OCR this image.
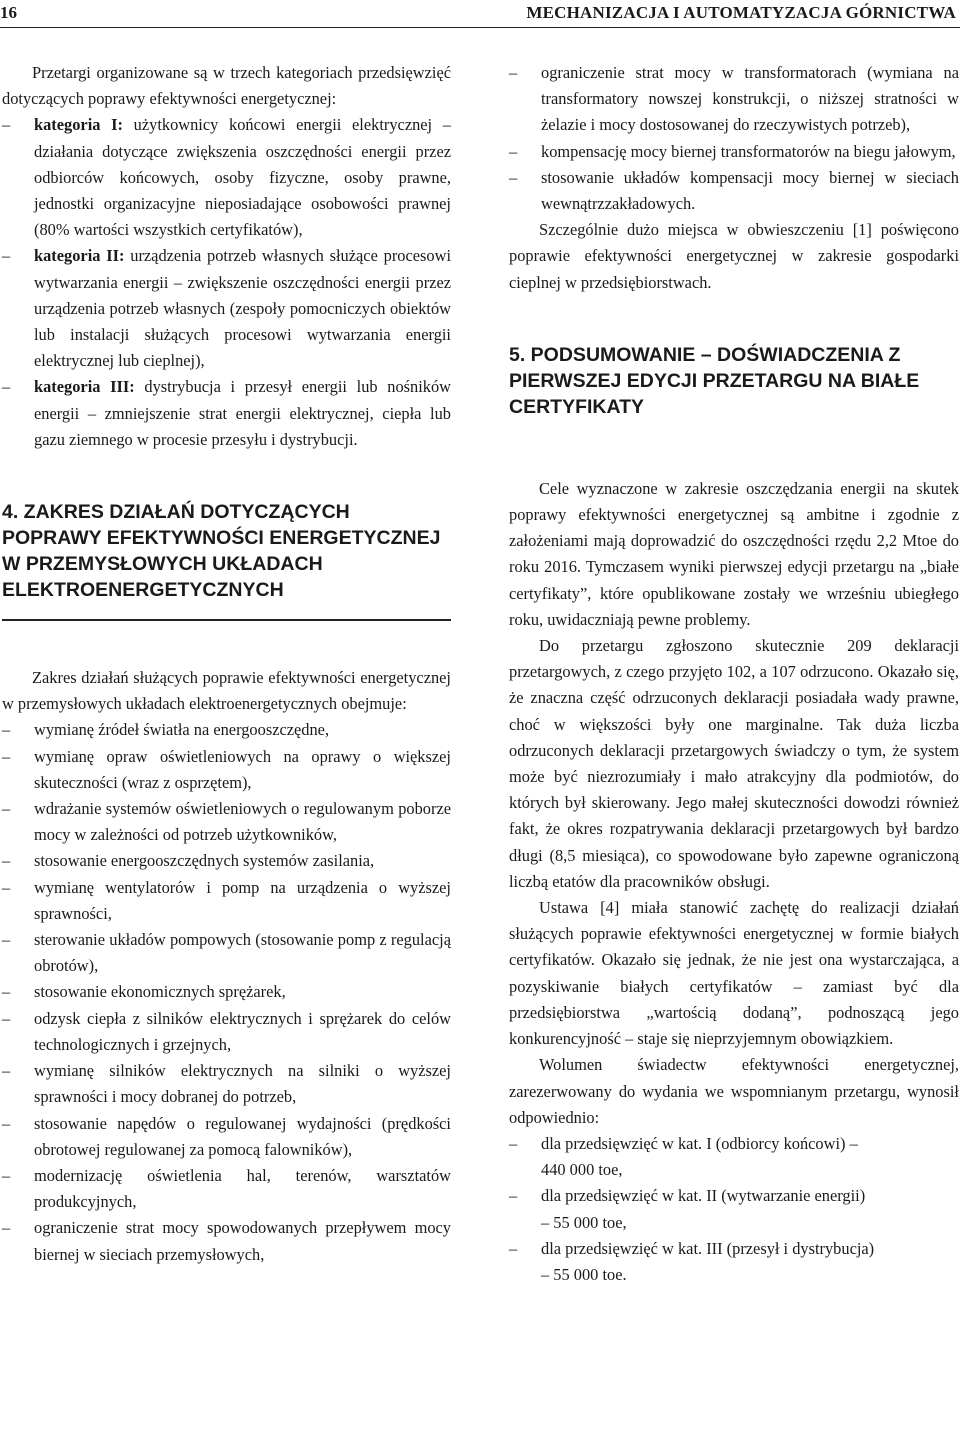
16	MECHANIZACJA I AUTOMATYZACJA GÓRNICTWA

Przetargi organizowane są w trzech kategoriach przedsięwzięć dotyczących poprawy efektywności energetycznej:

– kategoria I: użytkownicy końcowi energii elektrycznej – działania dotyczące zwiększenia oszczędności energii przez odbiorców końcowych, osoby fizyczne, osoby prawne, jednostki organizacyjne nieposiadające osobowości prawnej (80% wartości wszystkich certyfikatów),
– kategoria II: urządzenia potrzeb własnych służące procesowi wytwarzania energii – zwiększenie oszczędności energii przez urządzenia potrzeb własnych (zespoły pomocniczych obiektów lub instalacji służących procesowi wytwarzania energii elektrycznej lub cieplnej),
– kategoria III: dystrybucja i przesył energii lub nośników energii – zmniejszenie strat energii elektrycznej, ciepła lub gazu ziemnego w procesie przesyłu i dystrybucji.
4. ZAKRES DZIAŁAŃ DOTYCZĄCYCH POPRAWY EFEKTYWNOŚCI ENERGETYCZNEJ W PRZEMYSŁOWYCH UKŁADACH ELEKTROENERGETYCZNYCH

Zakres działań służących poprawie efektywności energetycznej w przemysłowych układach elektroenergetycznych obejmuje:

– wymianę źródeł światła na energooszczędne,
– wymianę opraw oświetleniowych na oprawy o większej skuteczności (wraz z osprzętem),
– wdrażanie systemów oświetleniowych o regulowanym poborze mocy w zależności od potrzeb użytkowników,
– stosowanie energooszczędnych systemów zasilania,
– wymianę wentylatorów i pomp na urządzenia o wyższej sprawności,
– sterowanie układów pompowych (stosowanie pomp z regulacją obrotów),
– stosowanie ekonomicznych sprężarek,
– odzysk ciepła z silników elektrycznych i sprężarek do celów technologicznych i grzejnych,
– wymianę silników elektrycznych na silniki o wyższej sprawności i mocy dobranej do potrzeb,
– stosowanie napędów o regulowanej wydajności (prędkości obrotowej regulowanej za pomocą falowników),
– modernizację oświetlenia hal, terenów, warsztatów produkcyjnych,
– ograniczenie strat mocy spowodowanych przepływem mocy biernej w sieciach przemysłowych,
– ograniczenie strat mocy w transformatorach (wymiana na transformatory nowszej konstrukcji, o niższej stratności w żelazie i mocy dostosowanej do rzeczywistych potrzeb),
– kompensację mocy biernej transformatorów na biegu jałowym,
– stosowanie układów kompensacji mocy biernej w sieciach wewnątrzzakładowych.

Szczególnie dużo miejsca w obwieszczeniu [1] poświęcono poprawie efektywności energetycznej w zakresie gospodarki cieplnej w przedsiębiorstwach.

5. PODSUMOWANIE – DOŚWIADCZENIA Z PIERWSZEJ EDYCJI PRZETARGU NA BIAŁE CERTYFIKATY

Cele wyznaczone w zakresie oszczędzania energii na skutek poprawy efektywności energetycznej są ambitne i zgodnie z założeniami mają doprowadzić do oszczędności rzędu 2,2 Mtoe do roku 2016. Tymczasem wyniki pierwszej edycji przetargu na „białe certyfikaty”, które opublikowane zostały we wrześniu ubiegłego roku, uwidaczniają pewne problemy.

Do przetargu zgłoszono skutecznie 209 deklaracji przetargowych, z czego przyjęto 102, a 107 odrzucono. Okazało się, że znaczna część odrzuconych deklaracji posiadała wady prawne, choć w większości były one marginalne. Tak duża liczba odrzuconych deklaracji przetargowych świadczy o tym, że system może być niezrozumiały i mało atrakcyjny dla podmiotów, do których był skierowany. Jego małej skuteczności dowodzi również fakt, że okres rozpatrywania deklaracji przetargowych był bardzo długi (8,5 miesiąca), co spowodowane było zapewne ograniczoną liczbą etatów dla pracowników obsługi.

Ustawa [4] miała stanowić zachętę do realizacji działań służących poprawie efektywności energetycznej w formie białych certyfikatów. Okazało się jednak, że nie jest ona wystarczająca, a pozyskiwanie białych certyfikatów – zamiast być dla przedsiębiorstwa „wartością dodaną”, podnoszącą jego konkurencyjność – staje się nieprzyjemnym obowiązkiem.

Wolumen świadectw efektywności energetycznej, zarezerwowany do wydania we wspomnianym przetargu, wynosił odpowiednio:

– dla przedsięwzięć w kat. I (odbiorcy końcowi) –
440 000 toe,
– dla przedsięwzięć w kat. II (wytwarzanie energii)
– 55 000 toe,
– dla przedsięwzięć w kat. III (przesył i dystrybucja)
– 55 000 toe.
